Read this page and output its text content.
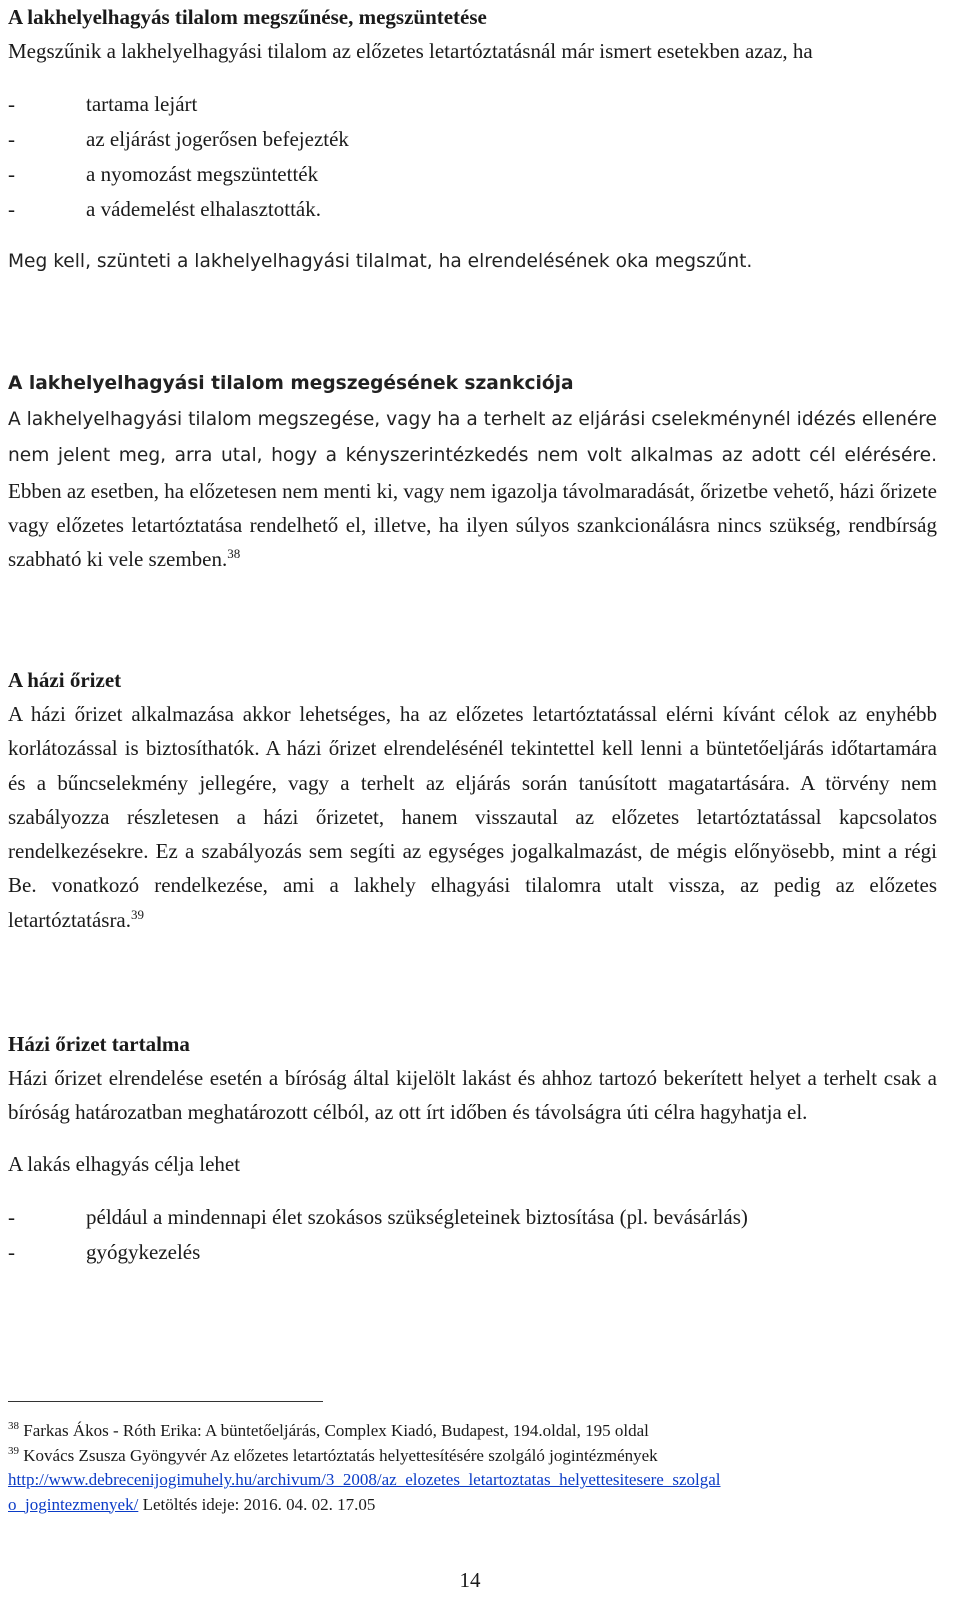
A lakhelyelhagyás tilalom megszűnése, megszüntetése

Megszűnik a lakhelyelhagyási tilalom az előzetes letartóztatásnál már ismert esetekben azaz, ha

-	tartama lejárt
-	az eljárást jogerősen befejezték
-	a nyomozást megszüntették
-	a vádemelést elhalasztották.

Meg kell, szünteti a lakhelyelhagyási tilalmat, ha elrendelésének oka megszűnt.

A lakhelyelhagyási tilalom megszegésének szankciója

A lakhelyelhagyási tilalom megszegése, vagy ha a terhelt az eljárási cselekménynél idézés ellenére nem jelent meg, arra utal, hogy a kényszerintézkedés nem volt alkalmas az adott cél elérésére. Ebben az esetben, ha előzetesen nem menti ki, vagy nem igazolja távolmaradását, őrizetbe vehető, házi őrizete vagy előzetes letartóztatása rendelhető el, illetve, ha ilyen súlyos szankcionálásra nincs szükség, rendbírság szabható ki vele szemben.$^{38}$

A házi őrizet

A házi őrizet alkalmazása akkor lehetséges, ha az előzetes letartóztatással elérni kívánt célok az enyhébb korlátozással is biztosíthatók. A házi őrizet elrendelésénél tekintettel kell lenni a büntetőeljárás időtartamára és a bűncselekmény jellegére, vagy a terhelt az eljárás során tanúsított magatartására. A törvény nem szabályozza részletesen a házi őrizetet, hanem visszautal az előzetes letartóztatással kapcsolatos rendelkezésekre. Ez a szabályozás sem segíti az egységes jogalkalmazást, de mégis előnyösebb, mint a régi Be. vonatkozó rendelkezése, ami a lakhely elhagyási tilalomra utalt vissza, az pedig az előzetes letartóztatásra.$^{39}$

Házi őrizet tartalma

Házi őrizet elrendelése esetén a bíróság által kijelölt lakást és ahhoz tartozó bekerített helyet a terhelt csak a bíróság határozatban meghatározott célból, az ott írt időben és távolságra úti célra hagyhatja el.

A lakás elhagyás célja lehet

-	például a mindennapi élet szokásos szükségleteinek biztosítása (pl. bevásárlás)
-	gyógykezelés

$^{38}$ Farkas Ákos - Róth Erika: A büntetőeljárás, Complex Kiadó, Budapest, 194.oldal, 195 oldal

$^{39}$ Kovács Zsusza Gyöngyvér Az előzetes letartóztatás helyettesítésére szolgáló jogintézmények

http://www.debrecenijogimuhely.hu/archivum/3_2008/az_elozetes_letartoztatas_helyettesitesere_szolgal

o_jogintezmenyek/ Letöltés ideje: 2016. 04. 02. 17.05

14
